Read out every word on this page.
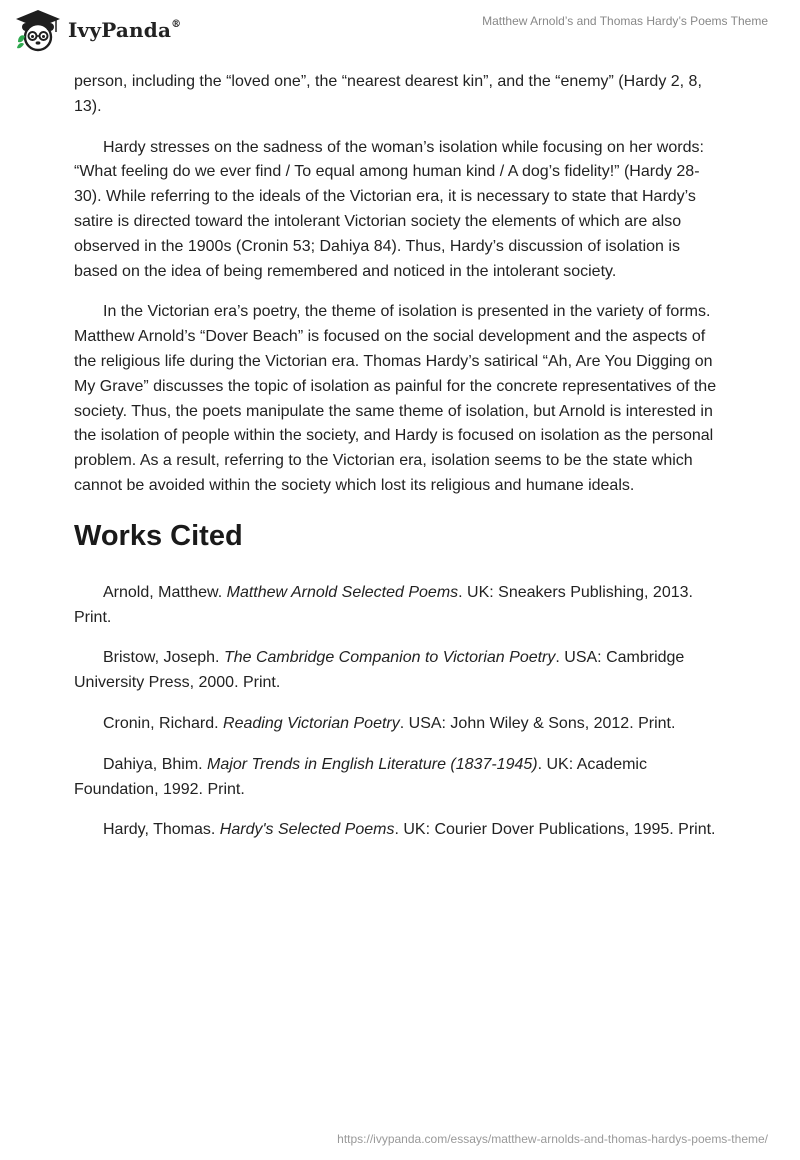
IvyPanda®	Matthew Arnold’s and Thomas Hardy’s Poems Theme

person, including the “loved one”, the “nearest dearest kin”, and the “enemy” (Hardy 2, 8, 13).

Hardy stresses on the sadness of the woman’s isolation while focusing on her words: “What feeling do we ever find / To equal among human kind / A dog’s fidelity!” (Hardy 28-30). While referring to the ideals of the Victorian era, it is necessary to state that Hardy’s satire is directed toward the intolerant Victorian society the elements of which are also observed in the 1900s (Cronin 53; Dahiya 84). Thus, Hardy’s discussion of isolation is based on the idea of being remembered and noticed in the intolerant society.

In the Victorian era’s poetry, the theme of isolation is presented in the variety of forms. Matthew Arnold’s “Dover Beach” is focused on the social development and the aspects of the religious life during the Victorian era. Thomas Hardy’s satirical “Ah, Are You Digging on My Grave” discusses the topic of isolation as painful for the concrete representatives of the society. Thus, the poets manipulate the same theme of isolation, but Arnold is interested in the isolation of people within the society, and Hardy is focused on isolation as the personal problem. As a result, referring to the Victorian era, isolation seems to be the state which cannot be avoided within the society which lost its religious and humane ideals.

Works Cited

Arnold, Matthew. Matthew Arnold Selected Poems. UK: Sneakers Publishing, 2013. Print.

Bristow, Joseph. The Cambridge Companion to Victorian Poetry. USA: Cambridge University Press, 2000. Print.

Cronin, Richard. Reading Victorian Poetry. USA: John Wiley & Sons, 2012. Print.

Dahiya, Bhim. Major Trends in English Literature (1837-1945). UK: Academic Foundation, 1992. Print.

Hardy, Thomas. Hardy's Selected Poems. UK: Courier Dover Publications, 1995. Print.

https://ivypanda.com/essays/matthew-arnolds-and-thomas-hardys-poems-theme/
